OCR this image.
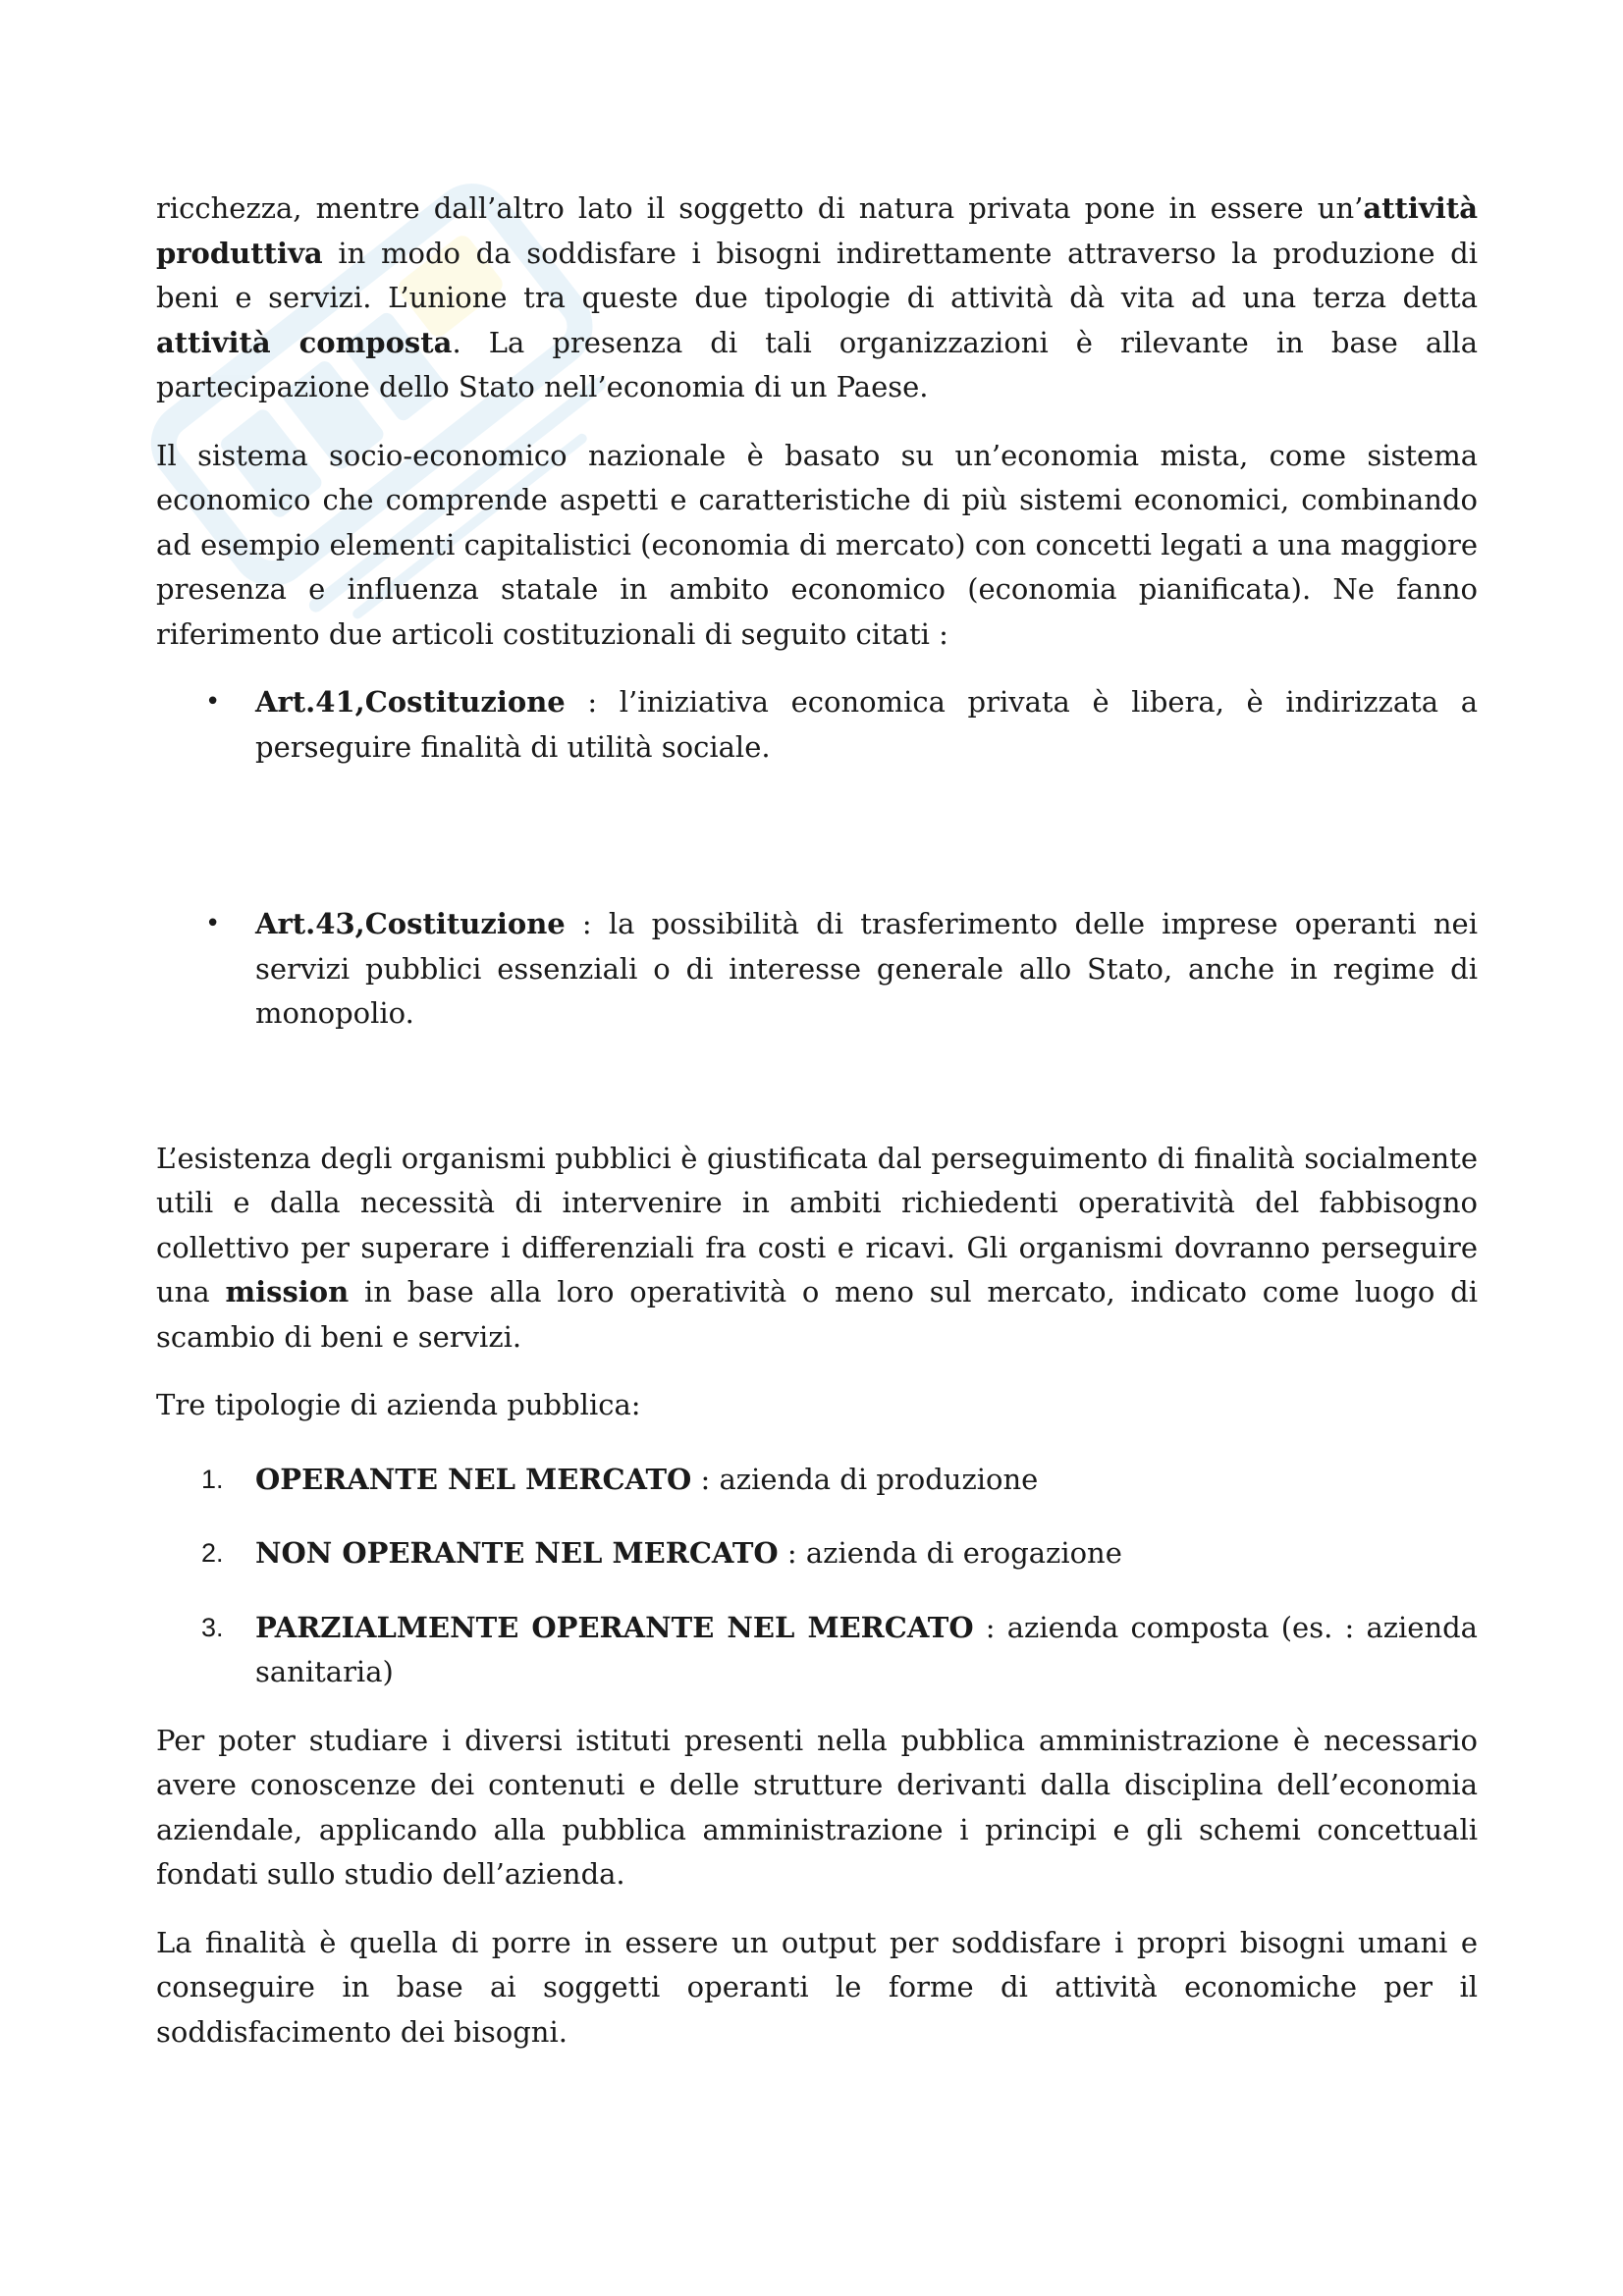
ricchezza, mentre dall’altro lato il soggetto di natura privata pone in essere un’attività produttiva in modo da soddisfare i bisogni indirettamente attraverso la produzione di beni e servizi. L’unione tra queste due tipologie di attività dà vita ad una terza detta attività composta. La presenza di tali organizzazioni è rilevante in base alla partecipazione dello Stato nell’economia di un Paese.

Il sistema socio-economico nazionale è basato su un’economia mista, come sistema economico che comprende aspetti e caratteristiche di più sistemi economici, combinando ad esempio elementi capitalistici (economia di mercato) con concetti legati a una maggiore presenza e influenza statale in ambito economico (economia pianificata). Ne fanno riferimento due articoli costituzionali di seguito citati :

• Art.41,Costituzione : l’iniziativa economica privata è libera, è indirizzata a perseguire finalità di utilità sociale.
• Art.43,Costituzione : la possibilità di trasferimento delle imprese operanti nei servizi pubblici essenziali o di interesse generale allo Stato, anche in regime di monopolio.

L’esistenza degli organismi pubblici è giustificata dal perseguimento di finalità socialmente utili e dalla necessità di intervenire in ambiti richiedenti operatività del fabbisogno collettivo per superare i differenziali fra costi e ricavi. Gli organismi dovranno perseguire una mission in base alla loro operatività o meno sul mercato, indicato come luogo di scambio di beni e servizi.

Tre tipologie di azienda pubblica:

1. OPERANTE NEL MERCATO : azienda di produzione
2. NON OPERANTE NEL MERCATO : azienda di erogazione
3. PARZIALMENTE OPERANTE NEL MERCATO : azienda composta (es. : azienda sanitaria)

Per poter studiare i diversi istituti presenti nella pubblica amministrazione è necessario avere conoscenze dei contenuti e delle strutture derivanti dalla disciplina dell’economia aziendale, applicando alla pubblica amministrazione i principi e gli schemi concettuali fondati sullo studio dell’azienda.

La finalità è quella di porre in essere un output per soddisfare i propri bisogni umani e conseguire in base ai soggetti operanti le forme di attività economiche per il soddisfacimento dei bisogni.
